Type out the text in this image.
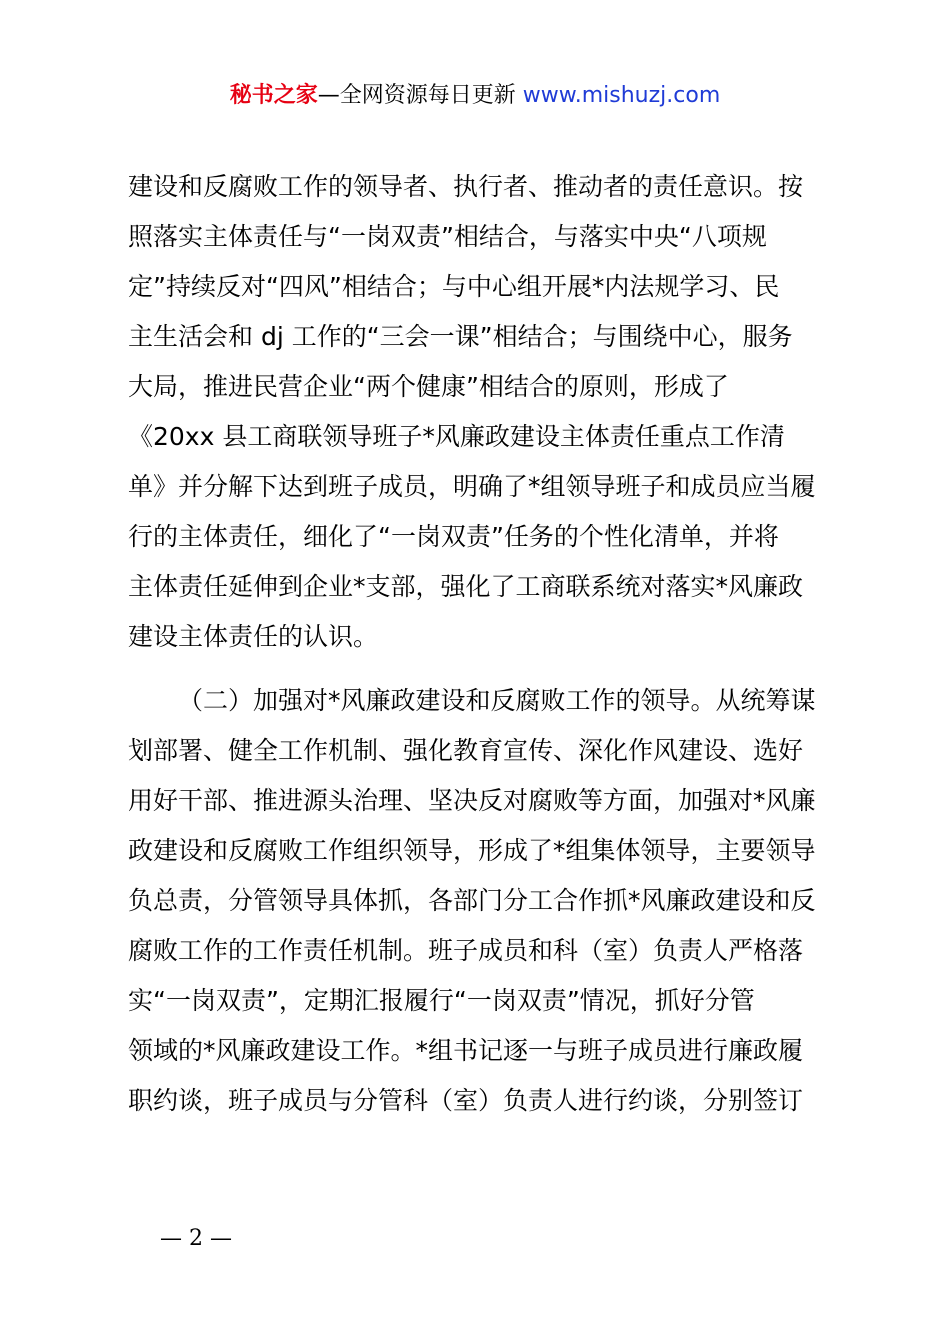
秘书之家—全网资源每日更新 www.mishuzj.com
建设和反腐败工作的领导者、执行者、推动者的责任意识。按
照落实主体责任与“一岗双责”相结合，与落实中央“八项规
定”持续反对“四风”相结合；与中心组开展*内法规学习、民
主生活会和 dj 工作的“三会一课”相结合；与围绕中心，服务
大局，推进民营企业“两个健康”相结合的原则，形成了
《20xx 县工商联领导班子*风廉政建设主体责任重点工作清
单》并分解下达到班子成员，明确了*组领导班子和成员应当履
行的主体责任，细化了“一岗双责”任务的个性化清单，并将
主体责任延伸到企业*支部，强化了工商联系统对落实*风廉政
建设主体责任的认识。
（二）加强对*风廉政建设和反腐败工作的领导。从统筹谋
划部署、健全工作机制、强化教育宣传、深化作风建设、选好
用好干部、推进源头治理、坚决反对腐败等方面，加强对*风廉
政建设和反腐败工作组织领导，形成了*组集体领导，主要领导
负总责，分管领导具体抓，各部门分工合作抓*风廉政建设和反
腐败工作的工作责任机制。班子成员和科（室）负责人严格落
实“一岗双责”，定期汇报履行“一岗双责”情况，抓好分管
领域的*风廉政建设工作。*组书记逐一与班子成员进行廉政履
职约谈，班子成员与分管科（室）负责人进行约谈，分别签订
— 2 —
